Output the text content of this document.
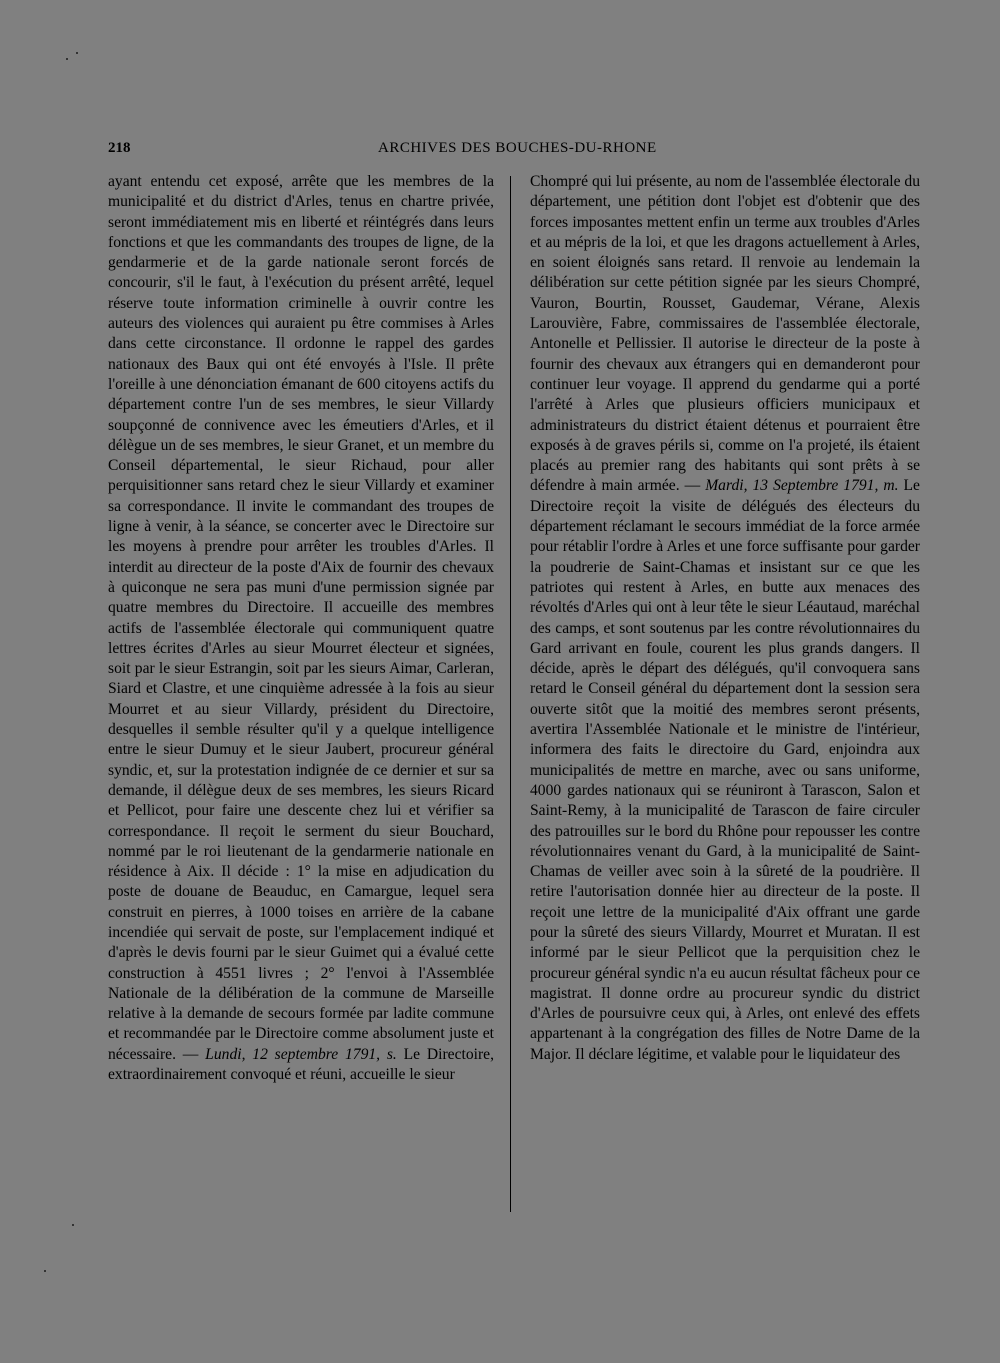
218	ARCHIVES DES BOUCHES-DU-RHONE

ayant entendu cet exposé, arrête que les membres de la municipalité et du district d'Arles, tenus en chartre privée, seront immédiatement mis en liberté et réintégrés dans leurs fonctions et que les commandants des troupes de ligne, de la gendarmerie et de la garde nationale seront forcés de concourir, s'il le faut, à l'exécution du présent arrêté, lequel réserve toute information criminelle à ouvrir contre les auteurs des violences qui auraient pu être commises à Arles dans cette circonstance. Il ordonne le rappel des gardes nationaux des Baux qui ont été envoyés à l'Isle. Il prête l'oreille à une dénonciation émanant de 600 citoyens actifs du département contre l'un de ses membres, le sieur Villardy soupçonné de connivence avec les émeutiers d'Arles, et il délègue un de ses membres, le sieur Granet, et un membre du Conseil départemental, le sieur Richaud, pour aller perquisitionner sans retard chez le sieur Villardy et examiner sa correspondance. Il invite le commandant des troupes de ligne à venir, à la séance, se concerter avec le Directoire sur les moyens à prendre pour arrêter les troubles d'Arles. Il interdit au directeur de la poste d'Aix de fournir des chevaux à quiconque ne sera pas muni d'une permission signée par quatre membres du Directoire. Il accueille des membres actifs de l'assemblée électorale qui communiquent quatre lettres écrites d'Arles au sieur Mourret électeur et signées, soit par le sieur Estrangin, soit par les sieurs Aimar, Carleran, Siard et Clastre, et une cinquième adressée à la fois au sieur Mourret et au sieur Villardy, président du Directoire, desquelles il semble résulter qu'il y a quelque intelligence entre le sieur Dumuy et le sieur Jaubert, procureur général syndic, et, sur la protestation indignée de ce dernier et sur sa demande, il délègue deux de ses membres, les sieurs Ricard et Pellicot, pour faire une descente chez lui et vérifier sa correspondance. Il reçoit le serment du sieur Bouchard, nommé par le roi lieutenant de la gendarmerie nationale en résidence à Aix. Il décide : 1° la mise en adjudication du poste de douane de Beauduc, en Camargue, lequel sera construit en pierres, à 1000 toises en arrière de la cabane incendiée qui servait de poste, sur l'emplacement indiqué et d'après le devis fourni par le sieur Guimet qui a évalué cette construction à 4551 livres ; 2° l'envoi à l'Assemblée Nationale de la délibération de la commune de Marseille relative à la demande de secours formée par ladite commune et recommandée par le Directoire comme absolument juste et nécessaire. — Lundi, 12 septembre 1791, s. Le Directoire, extraordinairement convoqué et réuni, accueille le sieur

Chompré qui lui présente, au nom de l'assemblée électorale du département, une pétition dont l'objet est d'obtenir que des forces imposantes mettent enfin un terme aux troubles d'Arles et au mépris de la loi, et que les dragons actuellement à Arles, en soient éloignés sans retard. Il renvoie au lendemain la délibération sur cette pétition signée par les sieurs Chompré, Vauron, Bourtin, Rousset, Gaudemar, Vérane, Alexis Larouvière, Fabre, commissaires de l'assemblée électorale, Antonelle et Pellissier. Il autorise le directeur de la poste à fournir des chevaux aux étrangers qui en demanderont pour continuer leur voyage. Il apprend du gendarme qui a porté l'arrêté à Arles que plusieurs officiers municipaux et administrateurs du district étaient détenus et pourraient être exposés à de graves périls si, comme on l'a projeté, ils étaient placés au premier rang des habitants qui sont prêts à se défendre à main armée. — Mardi, 13 Septembre 1791, m. Le Directoire reçoit la visite de délégués des électeurs du département réclamant le secours immédiat de la force armée pour rétablir l'ordre à Arles et une force suffisante pour garder la poudrerie de Saint-Chamas et insistant sur ce que les patriotes qui restent à Arles, en butte aux menaces des révoltés d'Arles qui ont à leur tête le sieur Léautaud, maréchal des camps, et sont soutenus par les contre révolutionnaires du Gard arrivant en foule, courent les plus grands dangers. Il décide, après le départ des délégués, qu'il convoquera sans retard le Conseil général du département dont la session sera ouverte sitôt que la moitié des membres seront présents, avertira l'Assemblée Nationale et le ministre de l'intérieur, informera des faits le directoire du Gard, enjoindra aux municipalités de mettre en marche, avec ou sans uniforme, 4000 gardes nationaux qui se réuniront à Tarascon, Salon et Saint-Remy, à la municipalité de Tarascon de faire circuler des patrouilles sur le bord du Rhône pour repousser les contre révolutionnaires venant du Gard, à la municipalité de Saint-Chamas de veiller avec soin à la sûreté de la poudrière. Il retire l'autorisation donnée hier au directeur de la poste. Il reçoit une lettre de la municipalité d'Aix offrant une garde pour la sûreté des sieurs Villardy, Mourret et Muratan. Il est informé par le sieur Pellicot que la perquisition chez le procureur général syndic n'a eu aucun résultat fâcheux pour ce magistrat. Il donne ordre au procureur syndic du district d'Arles de poursuivre ceux qui, à Arles, ont enlevé des effets appartenant à la congrégation des filles de Notre Dame de la Major. Il déclare légitime, et valable pour le liquidateur des
